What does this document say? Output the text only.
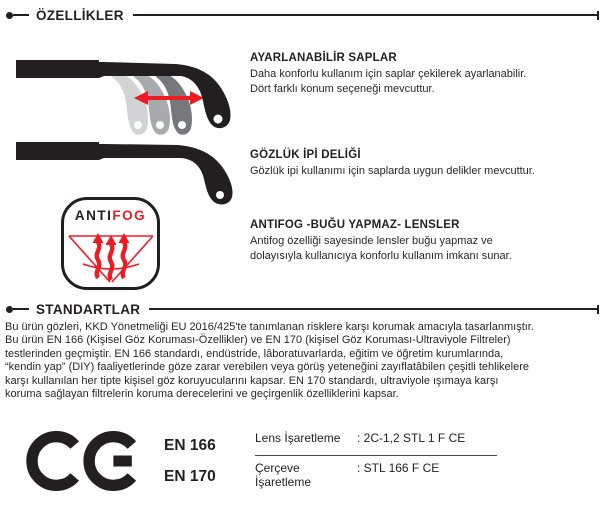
ÖZELLİKLER
AYARLANABİLİR SAPLAR
Daha konforlu kullanım için saplar çekilerek ayarlanabilir.
Dört farklı konum seçeneği mevcuttur.
GÖZLÜK İPİ DELİĞİ
Gözlük ipi kullanımı için saplarda uygun delikler mevcuttur.
ANTIFOG
ANTIFOG -BUĞU YAPMAZ- LENSLER
Antifog özelliği sayesinde lensler buğu yapmaz ve
dolayısıyla kullanıcıya konforlu kullanım imkanı sunar.
STANDARTLAR
Bu ürün gözleri, KKD Yönetmeliği EU 2016/425'te tanımlanan risklere karşı korumak amacıyla tasarlanmıştır.
Bu ürün EN 166 (Kişisel Göz Koruması-Özellikler) ve EN 170 (kişisel Göz Koruması-Ultraviyole Filtreler)
testlerinden geçmiştir. EN 166 standardı, endüstride, lâboratuvarlarda, eğitim ve öğretim kurumlarında,
“kendin yap” (DIY) faaliyetlerinde göze zarar verebilen veya görüş yeteneğini zayıflatâbilen çeşitli tehlikelere
karşı kullanılan her tipte kişisel göz koruyucularını kapsar. EN 170 standardı, ultraviyole ışımaya karşı
koruma sağlayan filtrelerin koruma derecelerini ve geçirgenlik özelliklerini kapsar.
EN 166
EN 170
Lens İşaretleme	: 2C-1,2 STL 1 F CE
Çerçeve İşaretleme
: STL 166 F CE
